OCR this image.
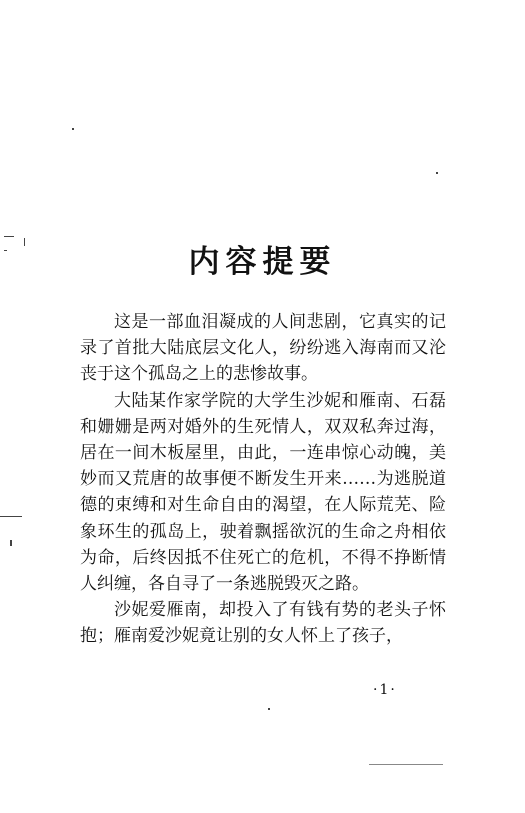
内容提要

这是一部血泪凝成的人间悲剧，它真实的记录了首批大陆底层文化人，纷纷逃入海南而又沦丧于这个孤岛之上的悲惨故事。

大陆某作家学院的大学生沙妮和雁南、石磊和姗姗是两对婚外的生死情人，双双私奔过海，居在一间木板屋里，由此，一连串惊心动魄，美妙而又荒唐的故事便不断发生开来……为逃脱道德的束缚和对生命自由的渴望，在人际荒芜、险象环生的孤岛上，驶着飘摇欲沉的生命之舟相依为命，后终因抵不住死亡的危机，不得不挣断情人纠缠，各自寻了一条逃脱毁灭之路。

沙妮爱雁南，却投入了有钱有势的老头子怀抱；雁南爱沙妮竟让别的女人怀上了孩子，

·1·
